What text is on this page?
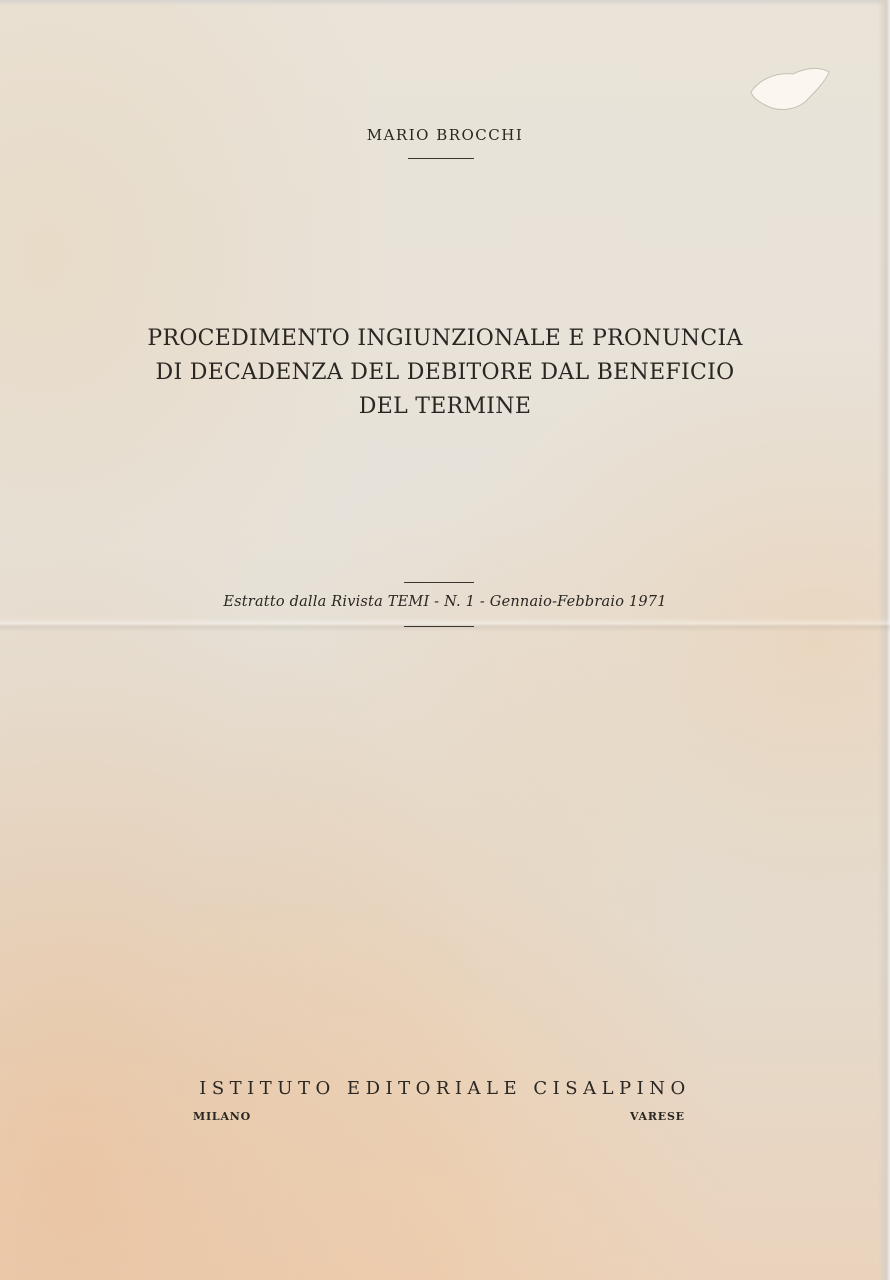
MARIO BROCCHI
PROCEDIMENTO INGIUNZIONALE E PRONUNCIA
DI DECADENZA DEL DEBITORE DAL BENEFICIO
DEL TERMINE
Estratto dalla Rivista TEMI - N. 1 - Gennaio-Febbraio 1971
ISTITUTO EDITORIALE CISALPINO
MILANO	VARESE
